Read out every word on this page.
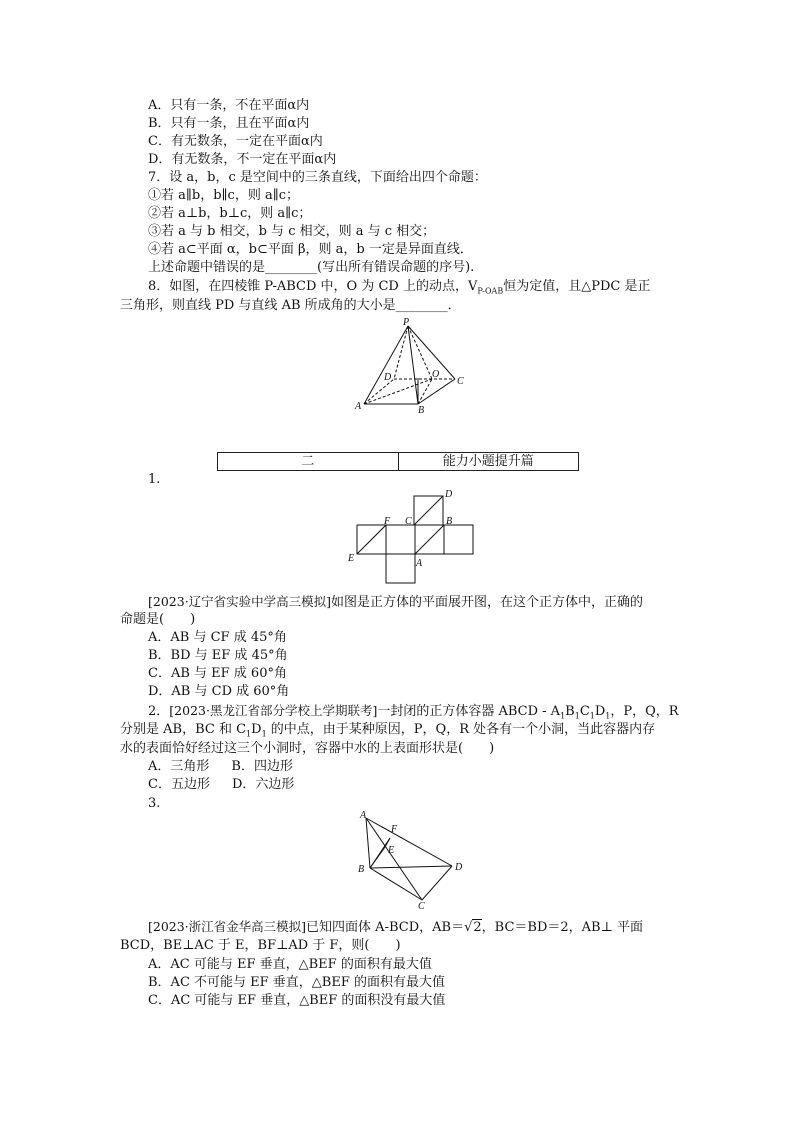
A．只有一条，不在平面α内
B．只有一条，且在平面α内
C．有无数条，一定在平面α内
D．有无数条，不一定在平面α内
7．设 a，b，c 是空间中的三条直线，下面给出四个命题：
①若 a∥b，b∥c，则 a∥c；
②若 a⊥b，b⊥c，则 a∥c；
③若 a 与 b 相交，b 与 c 相交，则 a 与 c 相交；
④若 a⊂平面 α，b⊂平面 β，则 a，b 一定是异面直线．
上述命题中错误的是________(写出所有错误命题的序号).
8．如图，在四棱锥 P-ABCD 中，O 为 CD 上的动点，$V_{P-OAB}$恒为定值，且△PDC 是正
三角形，则直线 PD 与直线 AB 所成角的大小是________．
P
D	O
C
A	B
二	能力小题提升篇
1.
D
F C	B
E	A
[2023·辽宁省实验中学高三模拟]如图是正方体的平面展开图，在这个正方体中，正确的
命题是(　　)
A．AB 与 CF 成 45°角
B．BD 与 EF 成 45°角
C．AB 与 EF 成 60°角
D．AB 与 CD 成 60°角
2．[2023·黑龙江省部分学校上学期联考]一封闭的正方体容器 ABCD - $A_1B_1C_1D_1$，P，Q，R
分别是 AB，BC 和 $C_1D_1$ 的中点，由于某种原因，P，Q，R 处各有一个小洞，当此容器内存
水的表面恰好经过这三个小洞时，容器中水的上表面形状是(　　)
A．三角形 B．四边形
C．五边形 D．六边形
3.
A
F
E
B	D
C
[2023·浙江省金华高三模拟]已知四面体 A-BCD，AB＝√2，BC＝BD＝2，AB⊥ 平面
BCD，BE⊥AC 于 E，BF⊥AD 于 F，则(　　)
A．AC 可能与 EF 垂直，△BEF 的面积有最大值
B．AC 不可能与 EF 垂直，△BEF 的面积有最大值
C．AC 可能与 EF 垂直，△BEF 的面积没有最大值
